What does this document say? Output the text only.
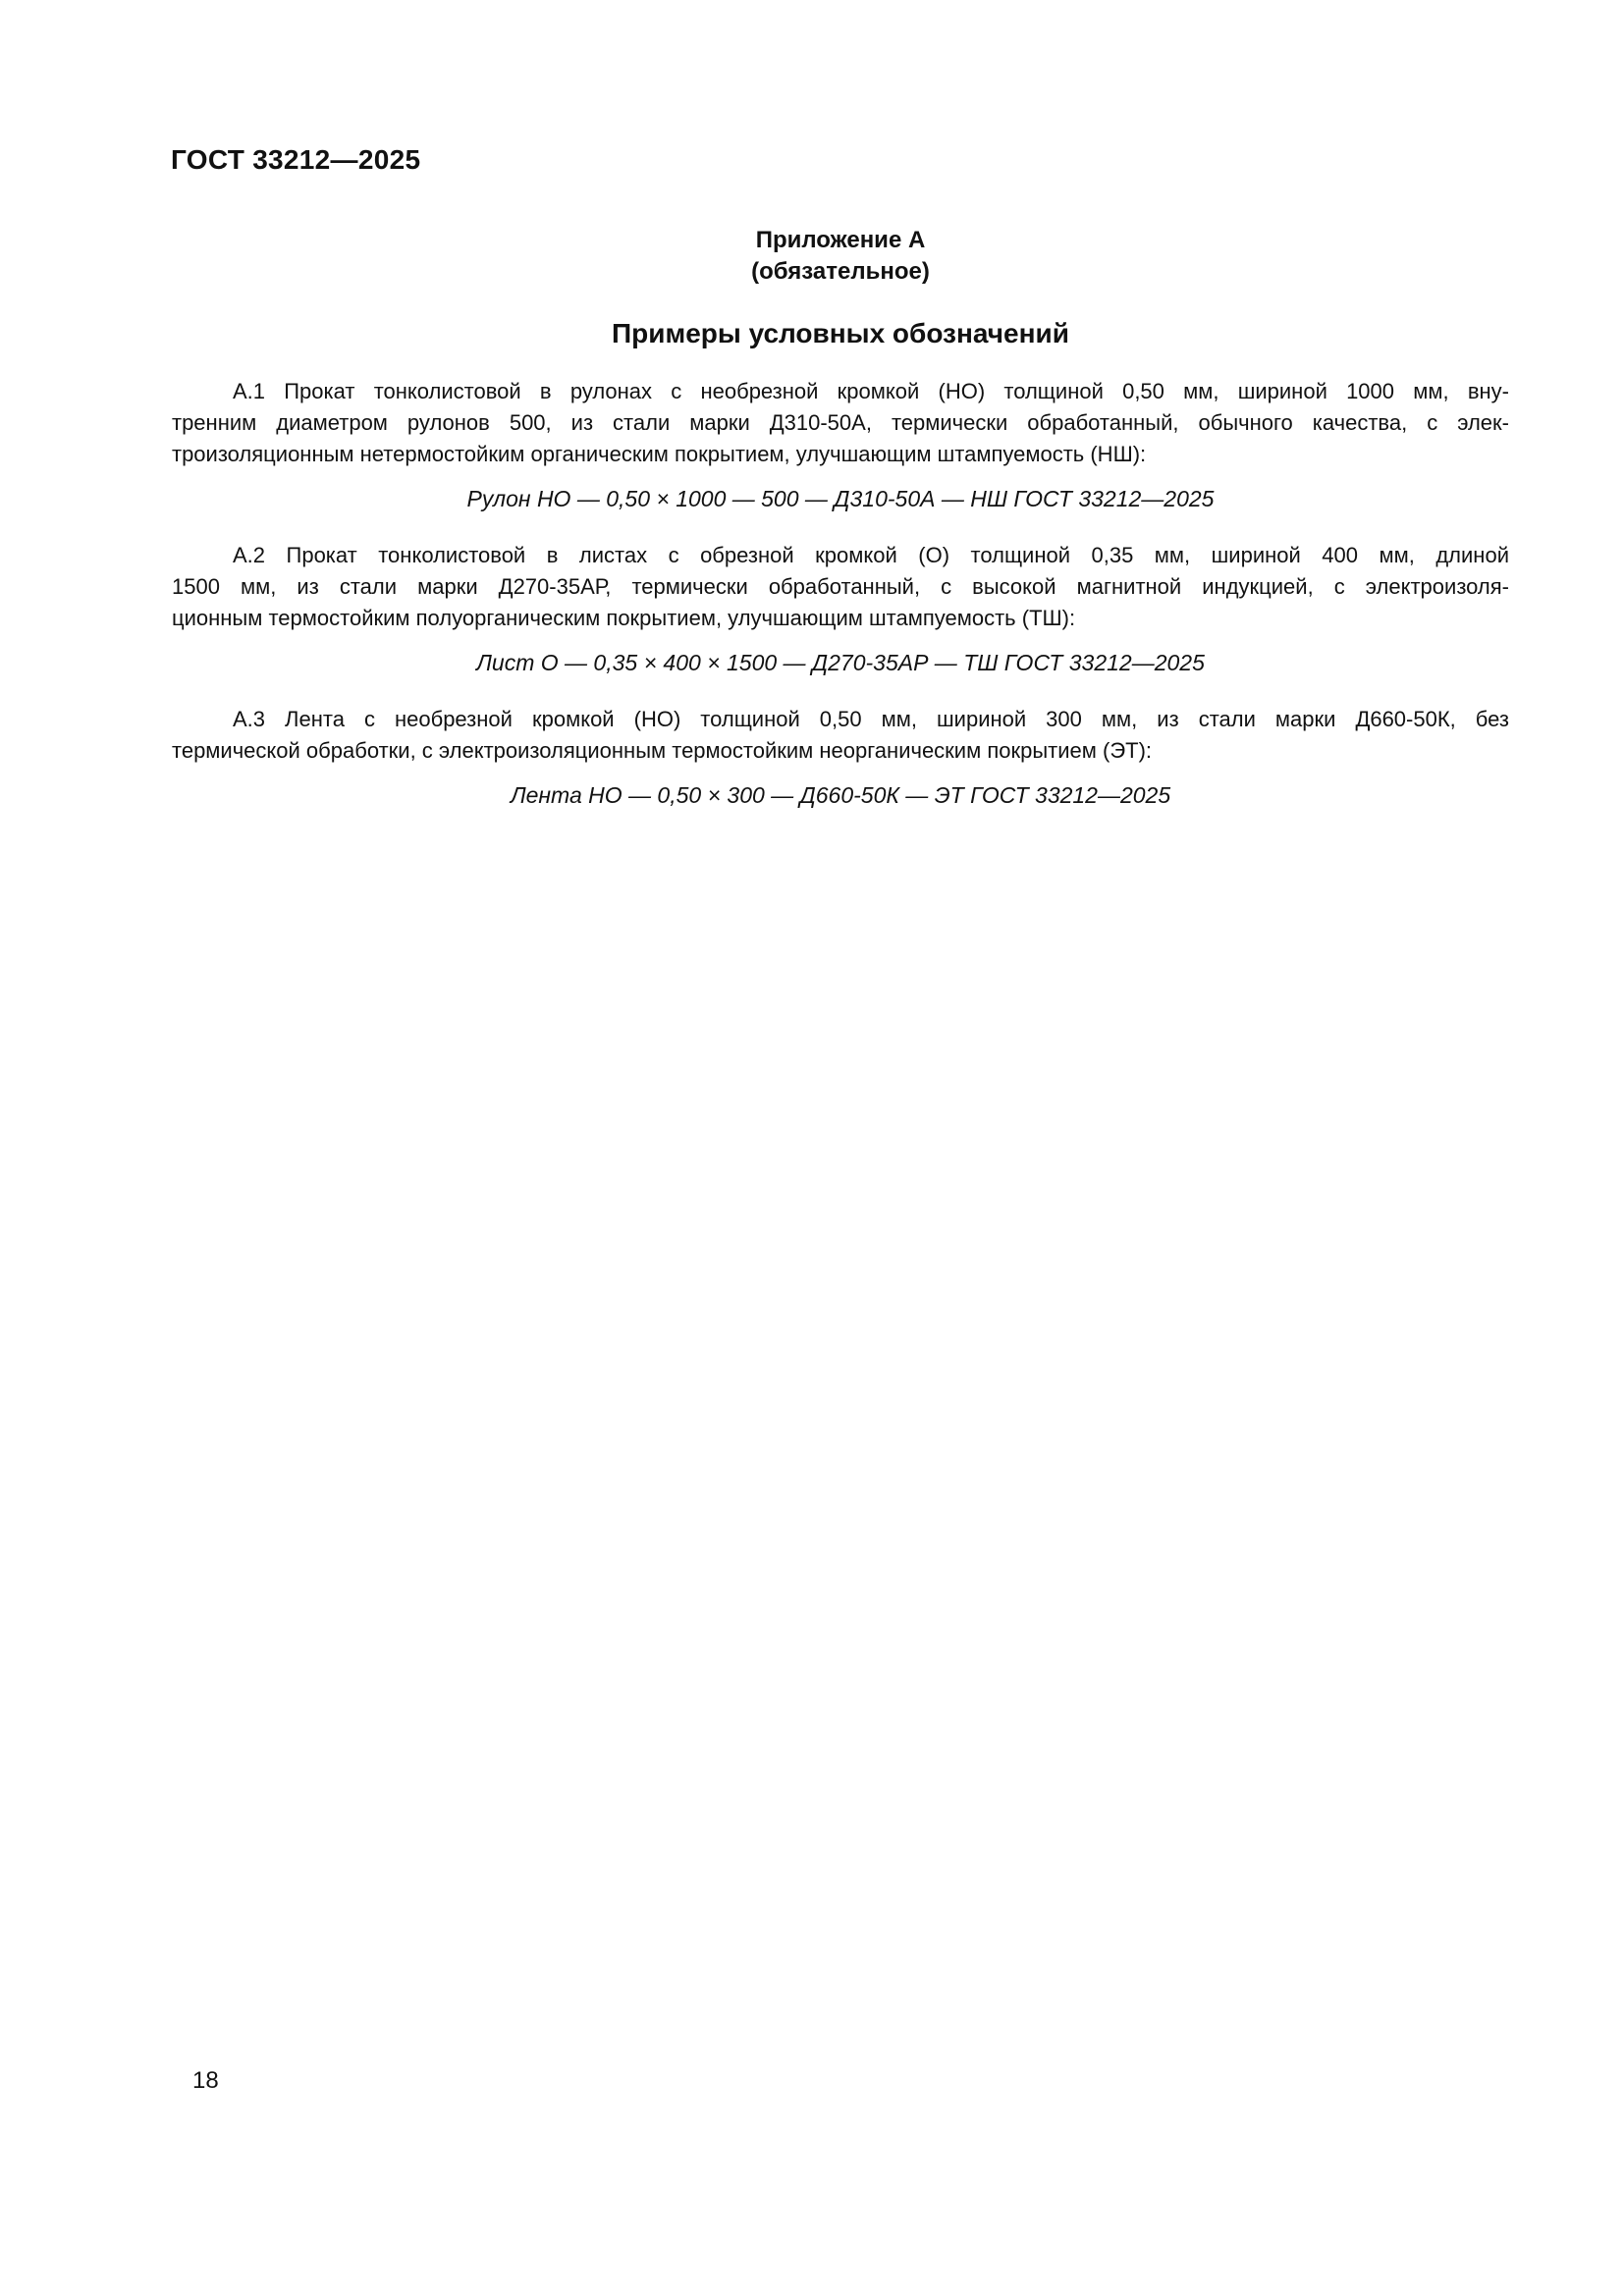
ГОСТ 33212—2025
Приложение А
(обязательное)
Примеры условных обозначений
А.1 Прокат тонколистовой в рулонах с необрезной кромкой (НО) толщиной 0,50 мм, шириной 1000 мм, вну-
тренним диаметром рулонов 500, из стали марки Д310-50А, термически обработанный, обычного качества, с элек-
троизоляционным нетермостойким органическим покрытием, улучшающим штампуемость (НШ):
Рулон НО — 0,50 × 1000 — 500 — Д310-50А — НШ ГОСТ 33212—2025
А.2 Прокат тонколистовой в листах с обрезной кромкой (О) толщиной 0,35 мм, шириной 400 мм, длиной
1500 мм, из стали марки Д270-35АР, термически обработанный, с высокой магнитной индукцией, с электроизоля-
ционным термостойким полуорганическим покрытием, улучшающим штампуемость (ТШ):
Лист О — 0,35 × 400 × 1500 — Д270-35АР — ТШ ГОСТ 33212—2025
А.3 Лента с необрезной кромкой (НО) толщиной 0,50 мм, шириной 300 мм, из стали марки Д660-50К, без
термической обработки, с электроизоляционным термостойким неорганическим покрытием (ЭТ):
Лента НО — 0,50 × 300 — Д660-50К — ЭТ ГОСТ 33212—2025
18
